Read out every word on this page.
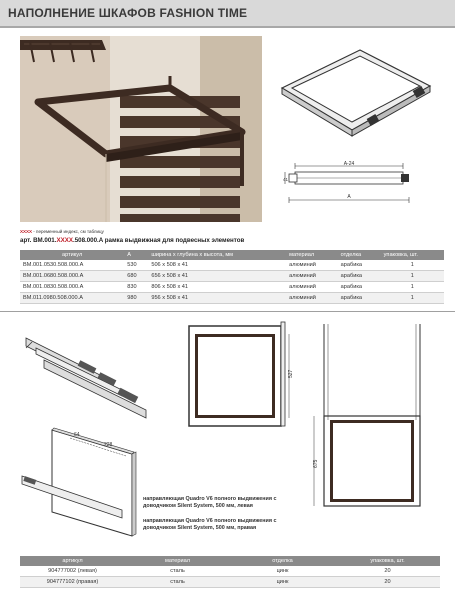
НАПОЛНЕНИЕ ШКАФОВ FASHION TIME
A-24
41
A
XXXX - переменный индекс, см таблицу
арт. BM.001.XXXX.508.000.A рамка выдвижная для подвесных элементов
артикул	A	ширина х глубина х высота, мм	материал	отделка	упаковка, шт.
BM.001.0530.508.000.A	530	506 x 508 x 41	алюминий	арабика	1
BM.001.0680.508.000.A	680	656 x 508 x 41	алюминий	арабика	1
BM.001.0830.508.000.A	830	806 x 508 x 41	алюминий	арабика	1
BM.011.0980.508.000.A	980	956 x 508 x 41	алюминий	арабика	1
64
228
527
675
направляющая Quadro V6 полного выдвижения с доводчиком Silent System, 500 мм, левая
направляющая Quadro V6 полного выдвижения с доводчиком Silent System, 500 мм, правая
артикул	материал	отделка	упаковка, шт.
904777002 (левая)	сталь	цинк	20
904777102 (правая)	сталь	цинк	20
